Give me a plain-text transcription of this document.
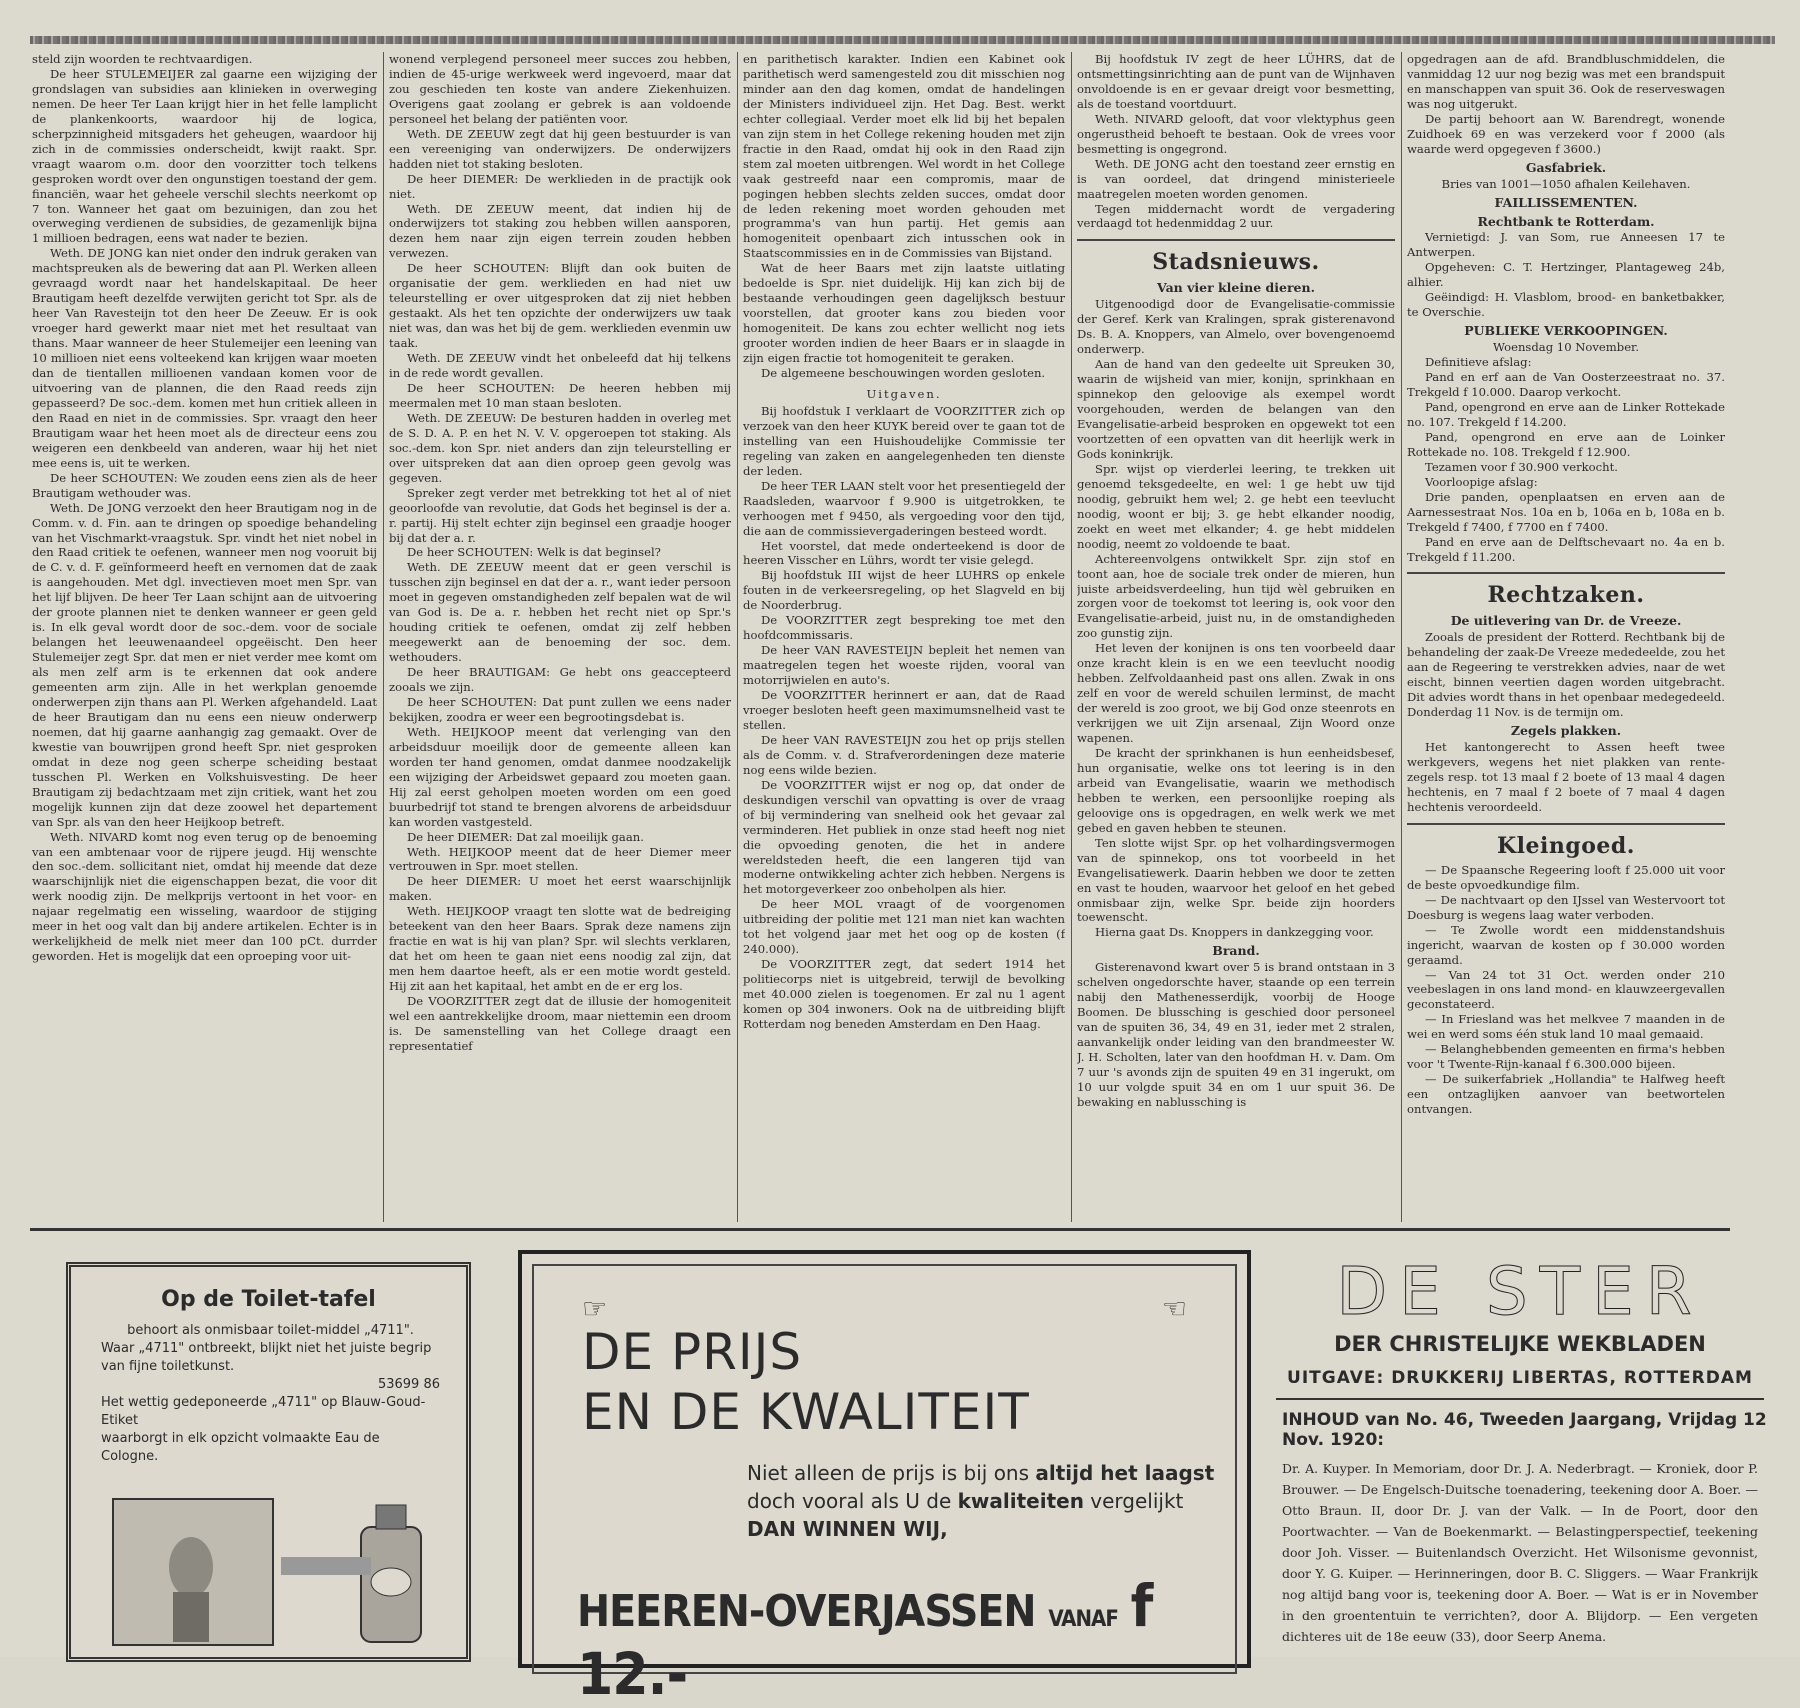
steld zijn woorden te rechtvaardigen.

De heer STULEMEIJER zal gaarne een wijziging der grondslagen van subsidies aan klinieken in overweging nemen. De heer Ter Laan krijgt hier in het felle lamplicht de plankenkoorts, waardoor hij de logica, scherpzinnigheid mitsgaders het geheugen, waardoor hij zich in de commissies onderscheidt, kwijt raakt. Spr. vraagt waarom o.m. door den voorzitter toch telkens gesproken wordt over den ongunstigen toestand der gem. financiën, waar het geheele verschil slechts neerkomt op 7 ton. Wanneer het gaat om bezuinigen, dan zou het overweging verdienen de subsidies, de gezamenlijk bijna 1 millioen bedragen, eens wat nader te bezien.

Weth. DE JONG kan niet onder den indruk geraken van machtspreuken als de bewering dat aan Pl. Werken alleen gevraagd wordt naar het handelskapitaal. De heer Brautigam heeft dezelfde verwijten gericht tot Spr. als de heer Van Ravesteijn tot den heer De Zeeuw. Er is ook vroeger hard gewerkt maar niet met het resultaat van thans. Maar wanneer de heer Stulemeijer een leening van 10 millioen niet eens volteekend kan krijgen waar moeten dan de tientallen millioenen vandaan komen voor de uitvoering van de plannen, die den Raad reeds zijn gepasseerd? De soc.-dem. komen met hun critiek alleen in den Raad en niet in de commissies. Spr. vraagt den heer Brautigam waar het heen moet als de directeur eens zou weigeren een denkbeeld van anderen, waar hij het niet mee eens is, uit te werken.

De heer SCHOUTEN: We zouden eens zien als de heer Brautigam wethouder was.

Weth. De JONG verzoekt den heer Brautigam nog in de Comm. v. d. Fin. aan te dringen op spoedige behandeling van het Vischmarkt-vraagstuk. Spr. vindt het niet nobel in den Raad critiek te oefenen, wanneer men nog vooruit bij de C. v. d. F. geïnformeerd heeft en vernomen dat de zaak is aangehouden. Met dgl. invectieven moet men Spr. van het lijf blijven. De heer Ter Laan schijnt aan de uitvoering der groote plannen niet te denken wanneer er geen geld is. In elk geval wordt door de soc.-dem. voor de sociale belangen het leeuwenaandeel opgeëischt. Den heer Stulemeijer zegt Spr. dat men er niet verder mee komt om als men zelf arm is te erkennen dat ook andere gemeenten arm zijn. Alle in het werkplan genoemde onderwerpen zijn thans aan Pl. Werken afgehandeld. Laat de heer Brautigam dan nu eens een nieuw onderwerp noemen, dat hij gaarne aanhangig zag gemaakt. Over de kwestie van bouwrijpen grond heeft Spr. niet gesproken omdat in deze nog geen scherpe scheiding bestaat tusschen Pl. Werken en Volkshuisvesting. De heer Brautigam zij bedachtzaam met zijn critiek, want het zou mogelijk kunnen zijn dat deze zoowel het departement van Spr. als van den heer Heijkoop betreft.

Weth. NIVARD komt nog even terug op de benoeming van een ambtenaar voor de rijpere jeugd. Hij wenschte den soc.-dem. sollicitant niet, omdat hij meende dat deze waarschijnlijk niet die eigenschappen bezat, die voor dit werk noodig zijn. De melkprijs vertoont in het voor- en najaar regelmatig een wisseling, waardoor de stijging meer in het oog valt dan bij andere artikelen. Echter is in werkelijkheid de melk niet meer dan 100 pCt. durrder geworden. Het is mogelijk dat een oproeping voor uit-

wonend verplegend personeel meer succes zou hebben, indien de 45-urige werkweek werd ingevoerd, maar dat zou geschieden ten koste van andere Ziekenhuizen. Overigens gaat zoolang er gebrek is aan voldoende personeel het belang der patiënten voor.

Weth. DE ZEEUW zegt dat hij geen bestuurder is van een vereeniging van onderwijzers. De onderwijzers hadden niet tot staking besloten.

De heer DIEMER: De werklieden in de practijk ook niet.

Weth. DE ZEEUW meent, dat indien hij de onderwijzers tot staking zou hebben willen aansporen, dezen hem naar zijn eigen terrein zouden hebben verwezen.

De heer SCHOUTEN: Blijft dan ook buiten de organisatie der gem. werklieden en had niet uw teleurstelling er over uitgesproken dat zij niet hebben gestaakt. Als het ten opzichte der onderwijzers uw taak niet was, dan was het bij de gem. werklieden evenmin uw taak.

Weth. DE ZEEUW vindt het onbeleefd dat hij telkens in de rede wordt gevallen.

De heer SCHOUTEN: De heeren hebben mij meermalen met 10 man staan besloten.

Weth. DE ZEEUW: De besturen hadden in overleg met de S. D. A. P. en het N. V. V. opgeroepen tot staking. Als soc.-dem. kon Spr. niet anders dan zijn teleurstelling er over uitspreken dat aan dien oproep geen gevolg was gegeven.

Spreker zegt verder met betrekking tot het al of niet geoorloofde van revolutie, dat Gods het beginsel is der a. r. partij. Hij stelt echter zijn beginsel een graadje hooger bij dat der a. r.

De heer SCHOUTEN: Welk is dat beginsel?

Weth. DE ZEEUW meent dat er geen verschil is tusschen zijn beginsel en dat der a. r., want ieder persoon moet in gegeven omstandigheden zelf bepalen wat de wil van God is. De a. r. hebben het recht niet op Spr.'s houding critiek te oefenen, omdat zij zelf hebben meegewerkt aan de benoeming der soc. dem. wethouders.

De heer BRAUTIGAM: Ge hebt ons geaccepteerd zooals we zijn.

De heer SCHOUTEN: Dat punt zullen we eens nader bekijken, zoodra er weer een begrootingsdebat is.

Weth. HEIJKOOP meent dat verlenging van den arbeidsduur moeilijk door de gemeente alleen kan worden ter hand genomen, omdat danmee noodzakelijk een wijziging der Arbeidswet gepaard zou moeten gaan. Hij zal eerst geholpen moeten worden om een goed buurbedrijf tot stand te brengen alvorens de arbeidsduur kan worden vastgesteld.

De heer DIEMER: Dat zal moeilijk gaan.

Weth. HEIJKOOP meent dat de heer Diemer meer vertrouwen in Spr. moet stellen.

De heer DIEMER: U moet het eerst waarschijnlijk maken.

Weth. HEIJKOOP vraagt ten slotte wat de bedreiging beteekent van den heer Baars. Sprak deze namens zijn fractie en wat is hij van plan? Spr. wil slechts verklaren, dat het om heen te gaan niet eens noodig zal zijn, dat men hem daartoe heeft, als er een motie wordt gesteld. Hij zit aan het kapitaal, het ambt en de er erg los.

De VOORZITTER zegt dat de illusie der homogeniteit wel een aantrekkelijke droom, maar niettemin een droom is. De samenstelling van het College draagt een representatief

en parithetisch karakter. Indien een Kabinet ook parithetisch werd samengesteld zou dit misschien nog minder aan den dag komen, omdat de handelingen der Ministers individueel zijn. Het Dag. Best. werkt echter collegiaal. Verder moet elk lid bij het bepalen van zijn stem in het College rekening houden met zijn fractie in den Raad, omdat hij ook in den Raad zijn stem zal moeten uitbrengen. Wel wordt in het College vaak gestreefd naar een compromis, maar de pogingen hebben slechts zelden succes, omdat door de leden rekening moet worden gehouden met programma's van hun partij. Het gemis aan homogeniteit openbaart zich intusschen ook in Staatscommissies en in de Commissies van Bijstand.

Wat de heer Baars met zijn laatste uitlating bedoelde is Spr. niet duidelijk. Hij kan zich bij de bestaande verhoudingen geen dagelijksch bestuur voorstellen, dat grooter kans zou bieden voor homogeniteit. De kans zou echter wellicht nog iets grooter worden indien de heer Baars er in slaagde in zijn eigen fractie tot homogeniteit te geraken.

De algemeene beschouwingen worden gesloten.

Uitgaven.

Bij hoofdstuk I verklaart de VOORZITTER zich op verzoek van den heer KUYK bereid over te gaan tot de instelling van een Huishoudelijke Commissie ter regeling van zaken en aangelegenheden ten dienste der leden.

De heer TER LAAN stelt voor het presentiegeld der Raadsleden, waarvoor f 9.900 is uitgetrokken, te verhoogen met f 9450, als vergoeding voor den tijd, die aan de commissievergaderingen besteed wordt.

Het voorstel, dat mede onderteekend is door de heeren Visscher en Lührs, wordt ter visie gelegd.

Bij hoofdstuk III wijst de heer LUHRS op enkele fouten in de verkeersregeling, op het Slagveld en bij de Noorderbrug.

De VOORZITTER zegt bespreking toe met den hoofdcommissaris.

De heer VAN RAVESTEIJN bepleit het nemen van maatregelen tegen het woeste rijden, vooral van motorrijwielen en auto's.

De VOORZITTER herinnert er aan, dat de Raad vroeger besloten heeft geen maximumsnelheid vast te stellen.

De heer VAN RAVESTEIJN zou het op prijs stellen als de Comm. v. d. Strafverordeningen deze materie nog eens wilde bezien.

De VOORZITTER wijst er nog op, dat onder de deskundigen verschil van opvatting is over de vraag of bij vermindering van snelheid ook het gevaar zal verminderen. Het publiek in onze stad heeft nog niet die opvoeding genoten, die het in andere wereldsteden heeft, die een langeren tijd van moderne ontwikkeling achter zich hebben. Nergens is het motorgeverkeer zoo onbeholpen als hier.

De heer MOL vraagt of de voorgenomen uitbreiding der politie met 121 man niet kan wachten tot het volgend jaar met het oog op de kosten (f 240.000).

De VOORZITTER zegt, dat sedert 1914 het politiecorps niet is uitgebreid, terwijl de bevolking met 40.000 zielen is toegenomen. Er zal nu 1 agent komen op 304 inwoners. Ook na de uitbreiding blijft Rotterdam nog beneden Amsterdam en Den Haag.

Bij hoofdstuk IV zegt de heer LÜHRS, dat de ontsmettingsinrichting aan de punt van de Wijnhaven onvoldoende is en er gevaar dreigt voor besmetting, als de toestand voortduurt.

Weth. NIVARD gelooft, dat voor vlektyphus geen ongerustheid behoeft te bestaan. Ook de vrees voor besmetting is ongegrond.

Weth. DE JONG acht den toestand zeer ernstig en is van oordeel, dat dringend ministerieele maatregelen moeten worden genomen.

Tegen middernacht wordt de vergadering verdaagd tot hedenmiddag 2 uur.

Stadsnieuws.

Van vier kleine dieren.

Uitgenoodigd door de Evangelisatie-commissie der Geref. Kerk van Kralingen, sprak gisterenavond Ds. B. A. Knoppers, van Almelo, over bovengenoemd onderwerp.

Aan de hand van den gedeelte uit Spreuken 30, waarin de wijsheid van mier, konijn, sprinkhaan en spinnekop den geloovige als exempel wordt voorgehouden, werden de belangen van den Evangelisatie-arbeid besproken en opgewekt tot een voortzetten of een opvatten van dit heerlijk werk in Gods koninkrijk.

Spr. wijst op vierderlei leering, te trekken uit genoemd teksgedeelte, en wel: 1 ge hebt uw tijd noodig, gebruikt hem wel; 2. ge hebt een teevlucht noodig, woont er bij; 3. ge hebt elkander noodig, zoekt en weet met elkander; 4. ge hebt middelen noodig, neemt zo voldoende te baat.

Achtereenvolgens ontwikkelt Spr. zijn stof en toont aan, hoe de sociale trek onder de mieren, hun juiste arbeidsverdeeling, hun tijd wèl gebruiken en zorgen voor de toekomst tot leering is, ook voor den Evangelisatie-arbeid, juist nu, in de omstandigheden zoo gunstig zijn.

Het leven der konijnen is ons ten voorbeeld daar onze kracht klein is en we een teevlucht noodig hebben. Zelfvoldaanheid past ons allen. Zwak in ons zelf en voor de wereld schuilen lerminst, de macht der wereld is zoo groot, we bij God onze steenrots en verkrijgen we uit Zijn arsenaal, Zijn Woord onze wapenen.

De kracht der sprinkhanen is hun eenheidsbesef, hun organisatie, welke ons tot leering is in den arbeid van Evangelisatie, waarin we methodisch hebben te werken, een persoonlijke roeping als geloovige ons is opgedragen, en welk werk we met gebed en gaven hebben te steunen.

Ten slotte wijst Spr. op het volhardingsvermogen van de spinnekop, ons tot voorbeeld in het Evangelisatiewerk. Daarin hebben we door te zetten en vast te houden, waarvoor het geloof en het gebed onmisbaar zijn, welke Spr. beide zijn hoorders toewenscht.

Hierna gaat Ds. Knoppers in dankzegging voor.

Brand.

Gisterenavond kwart over 5 is brand ontstaan in 3 schelven ongedorschte haver, staande op een terrein nabij den Mathenesserdijk, voorbij de Hooge Boomen. De blussching is geschied door personeel van de spuiten 36, 34, 49 en 31, ieder met 2 stralen, aanvankelijk onder leiding van den brandmeester W. J. H. Scholten, later van den hoofdman H. v. Dam. Om 7 uur 's avonds zijn de spuiten 49 en 31 ingerukt, om 10 uur volgde spuit 34 en om 1 uur spuit 36. De bewaking en nablussching is

opgedragen aan de afd. Brandbluschmiddelen, die vanmiddag 12 uur nog bezig was met een brandspuit en manschappen van spuit 36. Ook de reserveswagen was nog uitgerukt.

De partij behoort aan W. Barendregt, wonende Zuidhoek 69 en was verzekerd voor f 2000 (als waarde werd opgegeven f 3600.)

Gasfabriek.

Bries van 1001—1050 afhalen Keilehaven.

FAILLISSEMENTEN.

Rechtbank te Rotterdam.

Vernietigd: J. van Som, rue Anneesen 17 te Antwerpen.

Opgeheven: C. T. Hertzinger, Plantageweg 24b, alhier.

Geëindigd: H. Vlasblom, brood- en banketbakker, te Overschie.

PUBLIEKE VERKOOPINGEN.

Woensdag 10 November.

Definitieve afslag:

Pand en erf aan de Van Oosterzeestraat no. 37. Trekgeld f 10.000. Daarop verkocht.

Pand, opengrond en erve aan de Linker Rottekade no. 107. Trekgeld f 14.200.

Pand, opengrond en erve aan de Loinker Rottekade no. 108. Trekgeld f 12.900.

Tezamen voor f 30.900 verkocht.

Voorloopige afslag:

Drie panden, openplaatsen en erven aan de Aarnessestraat Nos. 10a en b, 106a en b, 108a en b. Trekgeld f 7400, f 7700 en f 7400.

Pand en erve aan de Delftschevaart no. 4a en b. Trekgeld f 11.200.

Rechtzaken.

De uitlevering van Dr. de Vreeze.

Zooals de president der Rotterd. Rechtbank bij de behandeling der zaak-De Vreeze mededeelde, zou het aan de Regeering te verstrekken advies, naar de wet eischt, binnen veertien dagen worden uitgebracht. Dit advies wordt thans in het openbaar medegedeeld. Donderdag 11 Nov. is de termijn om.

Zegels plakken.

Het kantongerecht to Assen heeft twee werkgevers, wegens het niet plakken van rente-zegels resp. tot 13 maal f 2 boete of 13 maal 4 dagen hechtenis, en 7 maal f 2 boete of 7 maal 4 dagen hechtenis veroordeeld.

Kleingoed.

— De Spaansche Regeering looft f 25.000 uit voor de beste opvoedkundige film.

— De nachtvaart op den IJssel van Westervoort tot Doesburg is wegens laag water verboden.

— Te Zwolle wordt een middenstandshuis ingericht, waarvan de kosten op f 30.000 worden geraamd.

— Van 24 tot 31 Oct. werden onder 210 veebeslagen in ons land mond- en klauwzeergevallen geconstateerd.

— In Friesland was het melkvee 7 maanden in de wei en werd soms één stuk land 10 maal gemaaid.

— Belanghebbenden gemeenten en firma's hebben voor 't Twente-Rijn-kanaal f 6.300.000 bijeen.

— De suikerfabriek „Hollandia" te Halfweg heeft een ontzaglijken aanvoer van beetwortelen ontvangen.

Op de Toilet-tafel
behoort als onmisbaar toilet-middel „4711".
Waar „4711" ontbreekt, blijkt niet het juiste begrip
van fijne toiletkunst.
53699 86
Het wettig gedeponeerde „4711" op Blauw-Goud-Etiket
waarborgt in elk opzicht volmaakte Eau de Cologne.
☞	☜
DE PRIJS
EN DE KWALITEIT
Niet alleen de prijs is bij ons altijd het laagst
doch vooral als U de kwaliteiten vergelijkt
DAN WINNEN WIJ,
HEEREN-OVERJASSEN VANAF f 12.-
DE STER
DER CHRISTELIJKE WEKBLADEN
UITGAVE: DRUKKERIJ LIBERTAS, ROTTERDAM
INHOUD van No. 46, Tweeden Jaargang, Vrijdag 12 Nov. 1920:
Dr. A. Kuyper. In Memoriam, door Dr. J. A. Nederbragt. — Kroniek, door P. Brouwer. — De Engelsch-Duitsche toenadering, teekening door A. Boer. — Otto Braun. II, door Dr. J. van der Valk. — In de Poort, door den Poortwachter. — Van de Boekenmarkt. — Belastingperspectief, teekening door Joh. Visser. — Buitenlandsch Overzicht. Het Wilsonisme gevonnist, door Y. G. Kuiper. — Herinneringen, door B. C. Sliggers. — Waar Frankrijk nog altijd bang voor is, teekening door A. Boer. — Wat is er in November in den groententuin te verrichten?, door A. Blijdorp. — Een vergeten dichteres uit de 18e eeuw (33), door Seerp Anema.
